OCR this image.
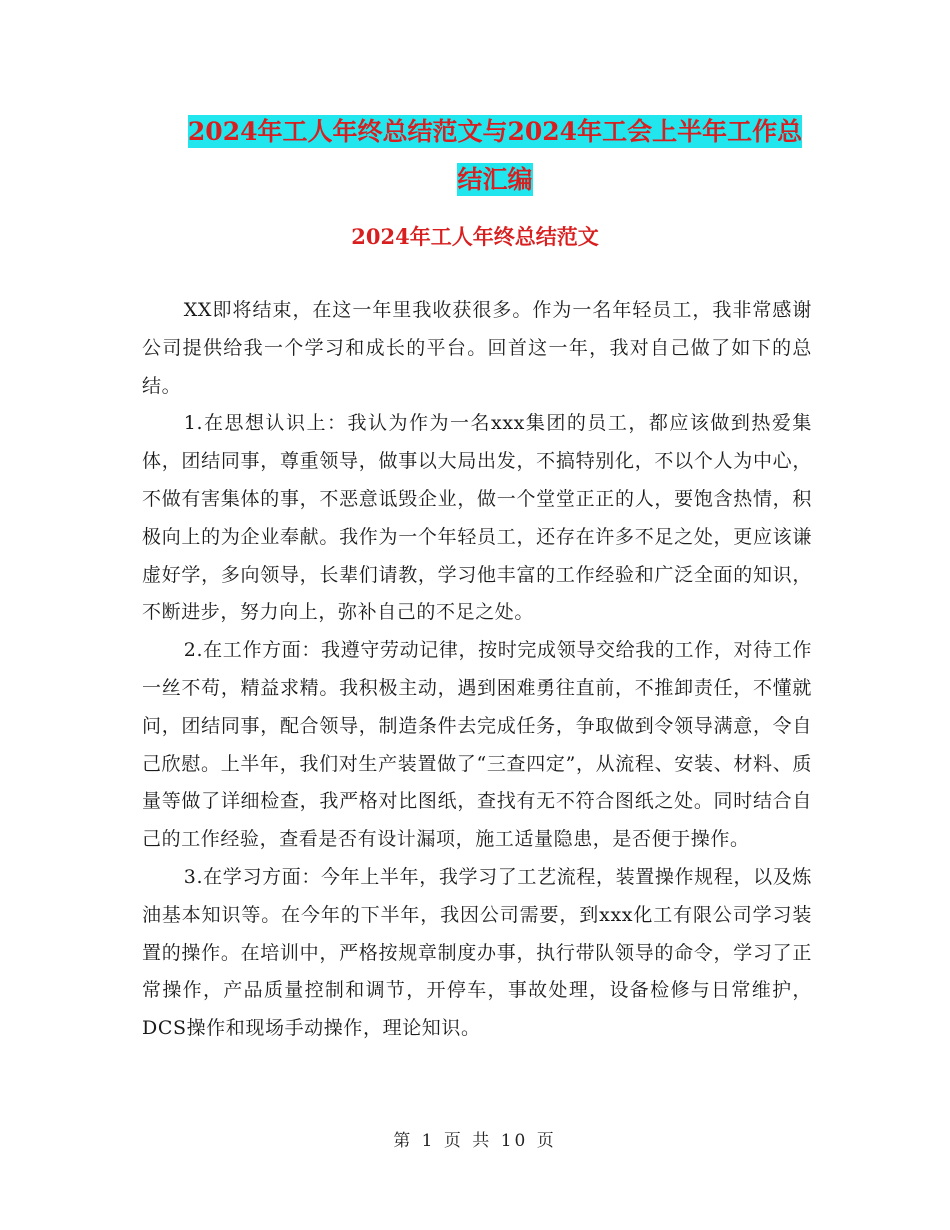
2024年工人年终总结范文与2024年工会上半年工作总
结汇编
2024年工人年终总结范文

XX即将结束，在这一年里我收获很多。作为一名年轻员工，我非常感谢公司提供给我一个学习和成长的平台。回首这一年，我对自己做了如下的总结。

1.在思想认识上：我认为作为一名xxx集团的员工，都应该做到热爱集体，团结同事，尊重领导，做事以大局出发，不搞特别化，不以个人为中心，不做有害集体的事，不恶意诋毁企业，做一个堂堂正正的人，要饱含热情，积极向上的为企业奉献。我作为一个年轻员工，还存在许多不足之处，更应该谦虚好学，多向领导，长辈们请教，学习他丰富的工作经验和广泛全面的知识，不断进步，努力向上，弥补自己的不足之处。

2.在工作方面：我遵守劳动记律，按时完成领导交给我的工作，对待工作一丝不苟，精益求精。我积极主动，遇到困难勇往直前，不推卸责任，不懂就问，团结同事，配合领导，制造条件去完成任务，争取做到令领导满意，令自己欣慰。上半年，我们对生产装置做了“三查四定”，从流程、安装、材料、质量等做了详细检查，我严格对比图纸，查找有无不符合图纸之处。同时结合自己的工作经验，查看是否有设计漏项，施工适量隐患，是否便于操作。

3.在学习方面：今年上半年，我学习了工艺流程，装置操作规程，以及炼油基本知识等。在今年的下半年，我因公司需要，到xxx化工有限公司学习装置的操作。在培训中，严格按规章制度办事，执行带队领导的命令，学习了正常操作，产品质量控制和调节，开停车，事故处理，设备检修与日常维护，DCS操作和现场手动操作，理论知识。

第 1 页 共 10 页
